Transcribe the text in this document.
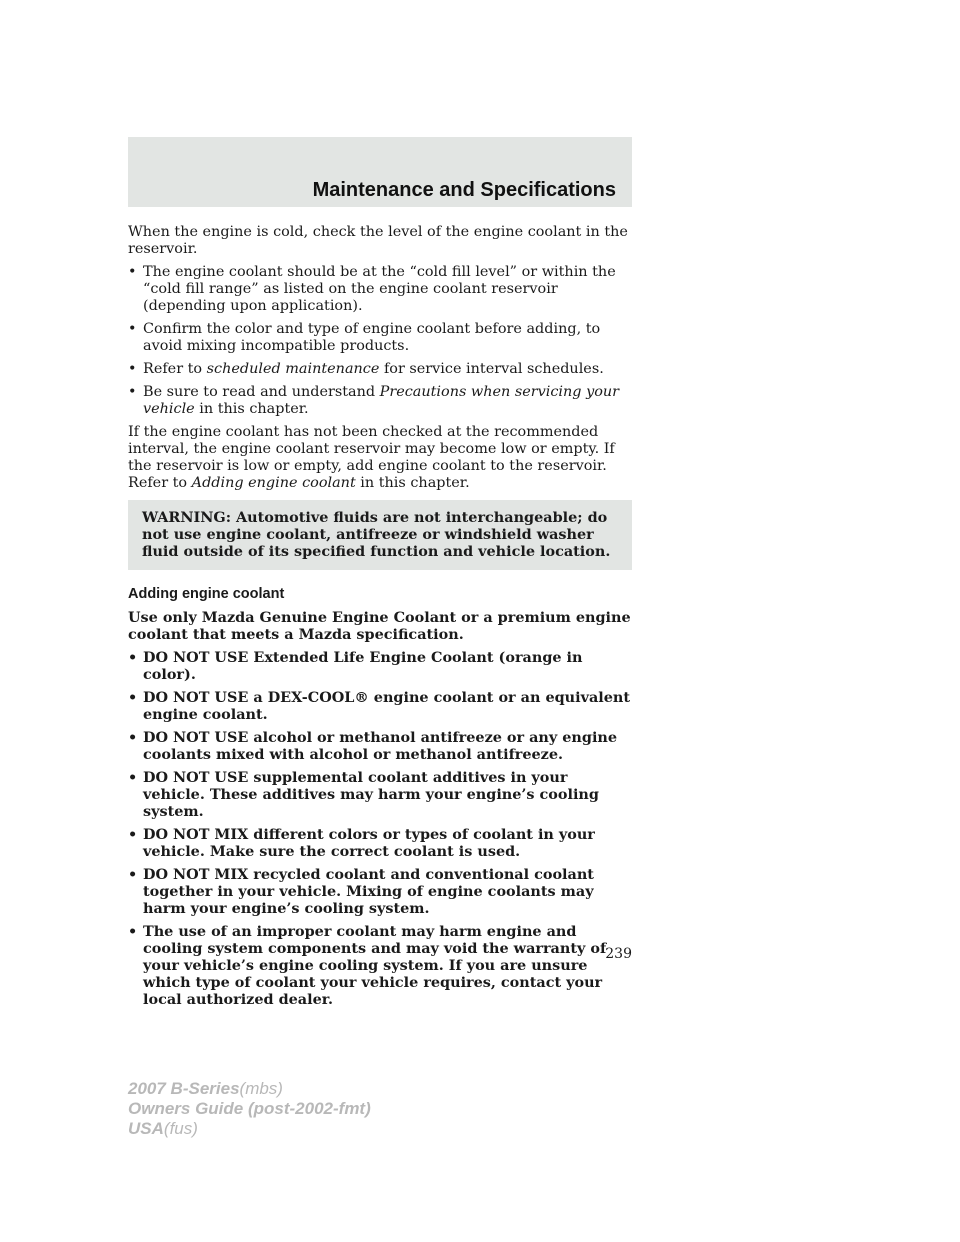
Maintenance and Specifications

When the engine is cold, check the level of the engine coolant in the reservoir.

• The engine coolant should be at the “cold fill level” or within the “cold fill range” as listed on the engine coolant reservoir (depending upon application).
• Confirm the color and type of engine coolant before adding, to avoid mixing incompatible products.
• Refer to scheduled maintenance for service interval schedules.
• Be sure to read and understand Precautions when servicing your vehicle in this chapter.

If the engine coolant has not been checked at the recommended interval, the engine coolant reservoir may become low or empty. If the reservoir is low or empty, add engine coolant to the reservoir. Refer to Adding engine coolant in this chapter.

WARNING: Automotive fluids are not interchangeable; do not use engine coolant, antifreeze or windshield washer fluid outside of its specified function and vehicle location.
Adding engine coolant

Use only Mazda Genuine Engine Coolant or a premium engine coolant that meets a Mazda specification.

• DO NOT USE Extended Life Engine Coolant (orange in color).
• DO NOT USE a DEX-COOL® engine coolant or an equivalent engine coolant.
• DO NOT USE alcohol or methanol antifreeze or any engine coolants mixed with alcohol or methanol antifreeze.
• DO NOT USE supplemental coolant additives in your vehicle. These additives may harm your engine’s cooling system.
• DO NOT MIX different colors or types of coolant in your vehicle. Make sure the correct coolant is used.
• DO NOT MIX recycled coolant and conventional coolant together in your vehicle. Mixing of engine coolants may harm your engine’s cooling system.
• The use of an improper coolant may harm engine and cooling system components and may void the warranty of your vehicle’s engine cooling system. If you are unsure which type of coolant your vehicle requires, contact your local authorized dealer.
239
2007 B-Series(mbs)
Owners Guide (post-2002-fmt)
USA(fus)
